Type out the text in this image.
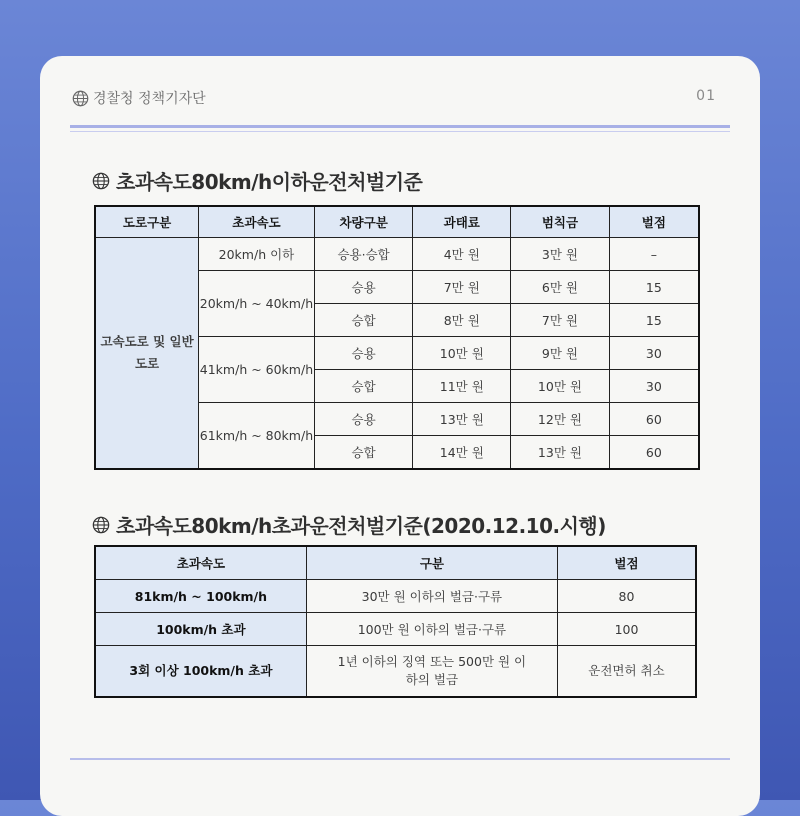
경찰청 정책기자단	01
초과속도80km/h이하운전처벌기준
도로구분	초과속도	차량구분	과태료	범칙금	벌점
고속도로 및 일반도로	20km/h 이하	승용·승합	4만 원	3만 원	–
	20km/h ~ 40km/h	승용	7만 원	6만 원	15
		승합	8만 원	7만 원	15
	41km/h ~ 60km/h	승용	10만 원	9만 원	30
		승합	11만 원	10만 원	30
	61km/h ~ 80km/h	승용	13만 원	12만 원	60
		승합	14만 원	13만 원	60
초과속도80km/h초과운전처벌기준(2020.12.10.시행)
초과속도	구분	벌점
81km/h ~ 100km/h	30만 원 이하의 벌금·구류	80
100km/h 초과	100만 원 이하의 벌금·구류	100
3회 이상 100km/h 초과	1년 이하의 징역 또는 500만 원 이하의 벌금	운전면허 취소
